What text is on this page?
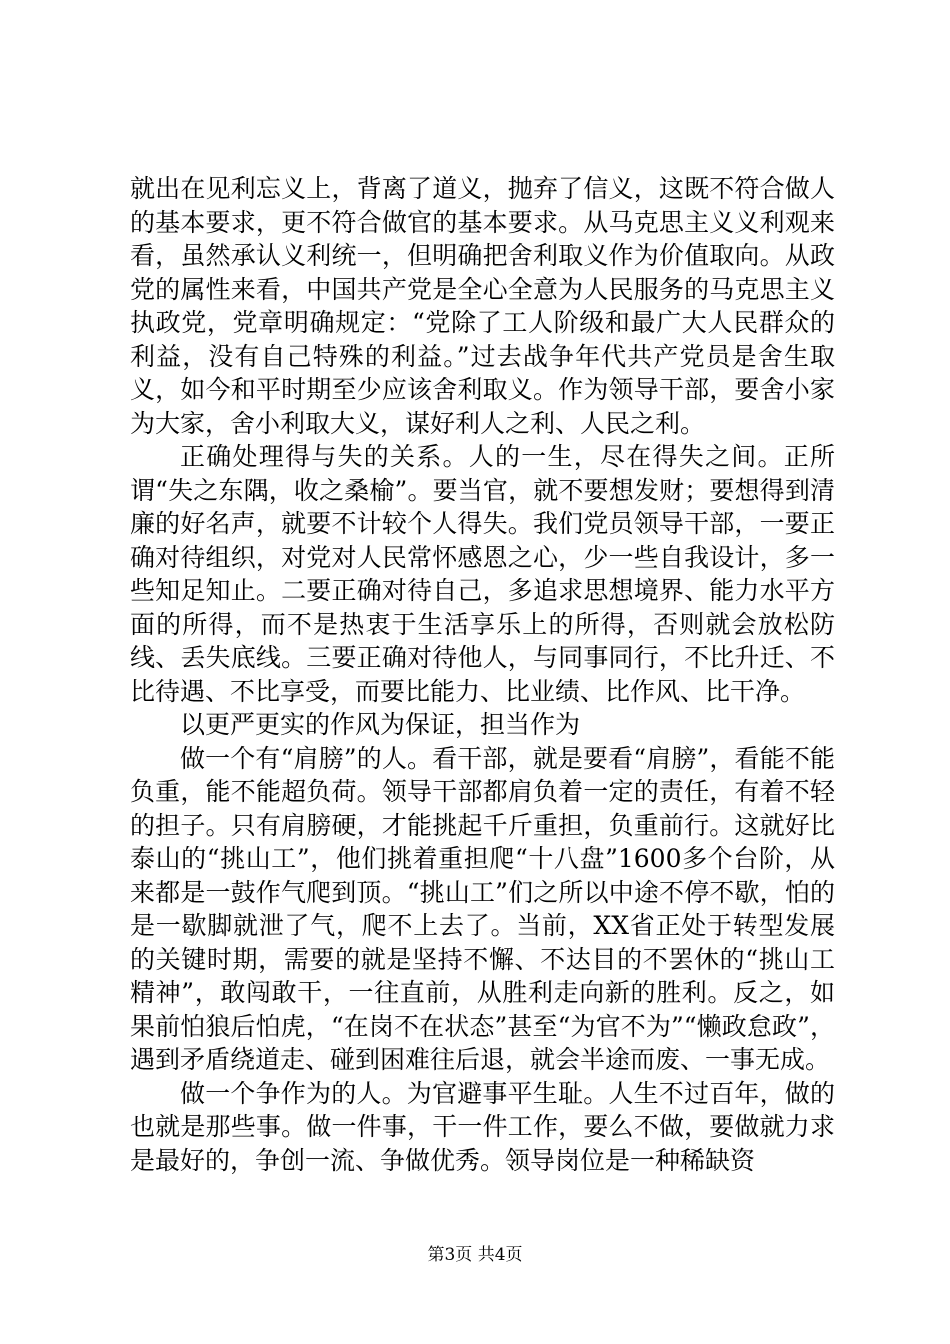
就出在见利忘义上，背离了道义，抛弃了信义，这既不符合做人的基本要求，更不符合做官的基本要求。从马克思主义义利观来看，虽然承认义利统一，但明确把舍利取义作为价值取向。从政党的属性来看，中国共产党是全心全意为人民服务的马克思主义执政党，党章明确规定：“党除了工人阶级和最广大人民群众的利益，没有自己特殊的利益。”过去战争年代共产党员是舍生取义，如今和平时期至少应该舍利取义。作为领导干部，要舍小家为大家，舍小利取大义，谋好利人之利、人民之利。

正确处理得与失的关系。人的一生，尽在得失之间。正所谓“失之东隅，收之桑榆”。要当官，就不要想发财；要想得到清廉的好名声，就要不计较个人得失。我们党员领导干部，一要正确对待组织，对党对人民常怀感恩之心，少一些自我设计，多一些知足知止。二要正确对待自己，多追求思想境界、能力水平方面的所得，而不是热衷于生活享乐上的所得，否则就会放松防线、丢失底线。三要正确对待他人，与同事同行，不比升迁、不比待遇、不比享受，而要比能力、比业绩、比作风、比干净。

以更严更实的作风为保证，担当作为

做一个有“肩膀”的人。看干部，就是要看“肩膀”，看能不能负重，能不能超负荷。领导干部都肩负着一定的责任，有着不轻的担子。只有肩膀硬，才能挑起千斤重担，负重前行。这就好比泰山的“挑山工”，他们挑着重担爬“十八盘”1600多个台阶，从来都是一鼓作气爬到顶。“挑山工”们之所以中途不停不歇，怕的是一歇脚就泄了气，爬不上去了。当前，XX省正处于转型发展的关键时期，需要的就是坚持不懈、不达目的不罢休的“挑山工精神”，敢闯敢干，一往直前，从胜利走向新的胜利。反之，如果前怕狼后怕虎，“在岗不在状态”甚至“为官不为”“懒政怠政”，遇到矛盾绕道走、碰到困难往后退，就会半途而废、一事无成。

做一个争作为的人。为官避事平生耻。人生不过百年，做的也就是那些事。做一件事，干一件工作，要么不做，要做就力求是最好的，争创一流、争做优秀。领导岗位是一种稀缺资

第3页 共4页
